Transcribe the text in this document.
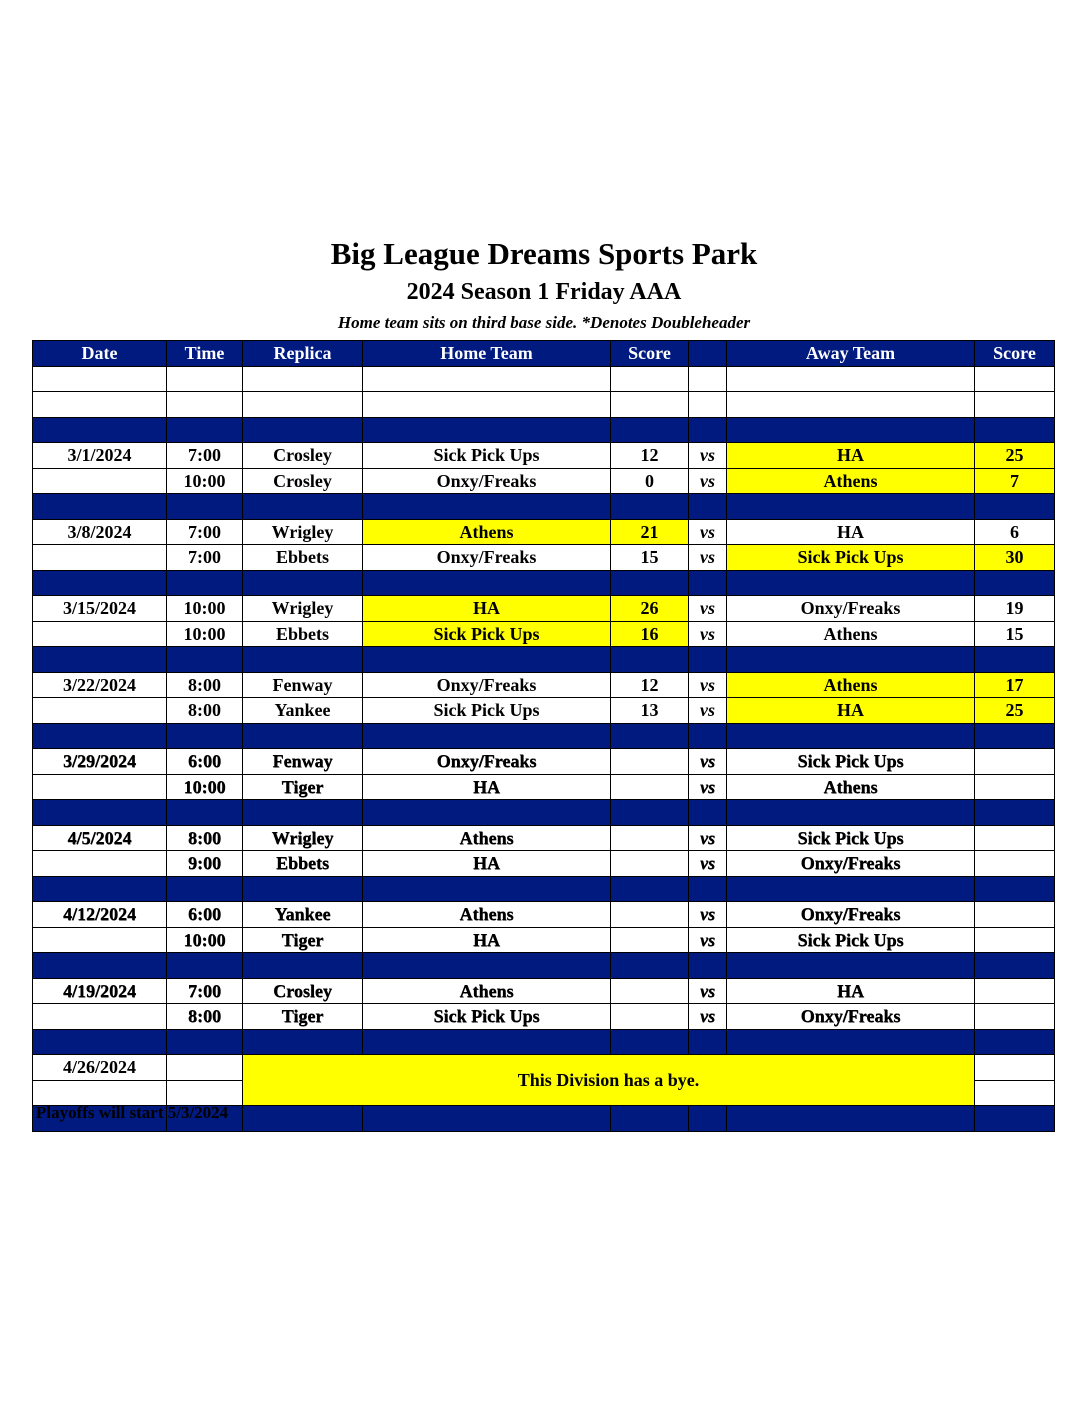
Big League Dreams Sports Park
2024 Season 1 Friday AAA
Home team sits on third base side. *Denotes Doubleheader
Date	Time	Replica	Home Team	Score		Away Team	Score

3/1/2024	7:00	Crosley	Sick Pick Ups	12	vs	HA	25
	10:00	Crosley	Onxy/Freaks	0	vs	Athens	7

3/8/2024	7:00	Wrigley	Athens	21	vs	HA	6
	7:00	Ebbets	Onxy/Freaks	15	vs	Sick Pick Ups	30

3/15/2024	10:00	Wrigley	HA	26	vs	Onxy/Freaks	19
	10:00	Ebbets	Sick Pick Ups	16	vs	Athens	15

3/22/2024	8:00	Fenway	Onxy/Freaks	12	vs	Athens	17
	8:00	Yankee	Sick Pick Ups	13	vs	HA	25

3/29/2024	6:00	Fenway	Onxy/Freaks		vs	Sick Pick Ups	
	10:00	Tiger	HA		vs	Athens	

4/5/2024	8:00	Wrigley	Athens		vs	Sick Pick Ups	
	9:00	Ebbets	HA		vs	Onxy/Freaks	

4/12/2024	6:00	Yankee	Athens		vs	Onxy/Freaks	
	10:00	Tiger	HA		vs	Sick Pick Ups	

4/19/2024	7:00	Crosley	Athens		vs	HA	
	8:00	Tiger	Sick Pick Ups		vs	Onxy/Freaks	

4/26/2024		This Division has a bye.					

Playoffs will start 5/3/2024
